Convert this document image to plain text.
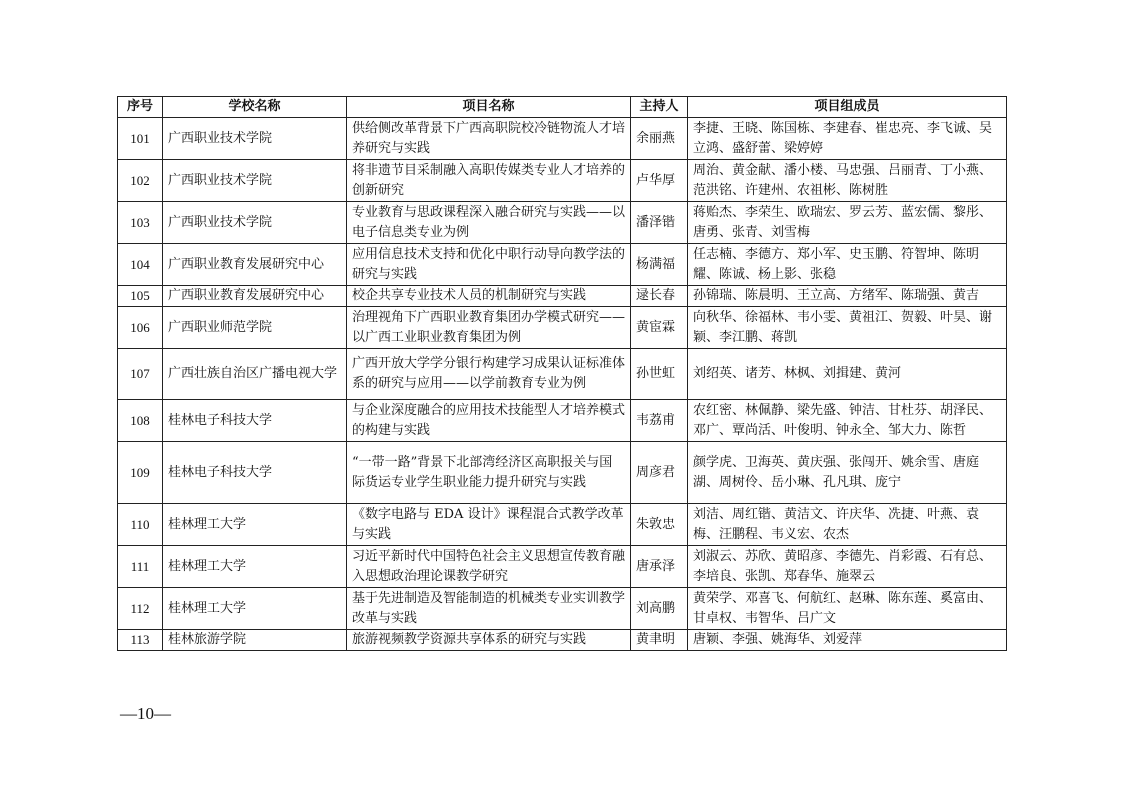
序号	学校名称	项目名称	主持人	项目组成员
101	广西职业技术学院	供给侧改革背景下广西高职院校冷链物流人才培养研究与实践	余丽燕	李捷、王晓、陈国栋、李建春、崔忠亮、李飞诚、吴立鸿、盛舒蕾、梁婷婷
102	广西职业技术学院	将非遗节目采制融入高职传媒类专业人才培养的创新研究	卢华厚	周治、黄金献、潘小楼、马忠强、吕丽青、丁小燕、范洪铭、许建州、农祖彬、陈树胜
103	广西职业技术学院	专业教育与思政课程深入融合研究与实践——以电子信息类专业为例	潘泽锴	蒋贻杰、李荣生、欧瑞宏、罗云芳、蓝宏儒、黎彤、唐勇、张青、刘雪梅
104	广西职业教育发展研究中心	应用信息技术支持和优化中职行动导向教学法的研究与实践	杨满福	任志楠、李德方、郑小军、史玉鹏、符智坤、陈明耀、陈诚、杨上影、张稳
105	广西职业教育发展研究中心	校企共享专业技术人员的机制研究与实践	逯长春	孙锦瑞、陈晨明、王立高、方绪军、陈瑞强、黄吉
106	广西职业师范学院	治理视角下广西职业教育集团办学模式研究——以广西工业职业教育集团为例	黄宦霖	向秋华、徐福林、韦小雯、黄祖江、贺毅、叶昊、谢颖、李江鹏、蒋凯
107	广西壮族自治区广播电视大学	广西开放大学学分银行构建学习成果认证标准体系的研究与应用——以学前教育专业为例	孙世虹	刘绍英、诸芳、林枫、刘揖建、黄河
108	桂林电子科技大学	与企业深度融合的应用技术技能型人才培养模式的构建与实践	韦荔甫	农红密、林佩静、梁先盛、钟洁、甘杜芬、胡泽民、邓广、覃尚活、叶俊明、钟永全、邹大力、陈哲
109	桂林电子科技大学	“一带一路”背景下北部湾经济区高职报关与国际货运专业学生职业能力提升研究与实践	周彦君	颜学虎、卫海英、黄庆强、张闯开、姚余雪、唐庭湖、周树伶、岳小琳、孔凡琪、庞宁
110	桂林理工大学	《数字电路与 EDA 设计》课程混合式教学改革与实践	朱敦忠	刘洁、周红锴、黄洁文、许庆华、冼捷、叶燕、袁梅、汪鹏程、韦义宏、农杰
111	桂林理工大学	习近平新时代中国特色社会主义思想宣传教育融入思想政治理论课教学研究	唐承泽	刘淑云、苏欣、黄昭彦、李德先、肖彩霞、石有总、李培良、张凯、郑春华、施翠云
112	桂林理工大学	基于先进制造及智能制造的机械类专业实训教学改革与实践	刘高鹏	黄荣学、邓喜飞、何航红、赵琳、陈东莲、奚富由、甘卓权、韦智华、吕广文
113	桂林旅游学院	旅游视频教学资源共享体系的研究与实践	黄聿明	唐颖、李强、姚海华、刘爱萍
—10—
